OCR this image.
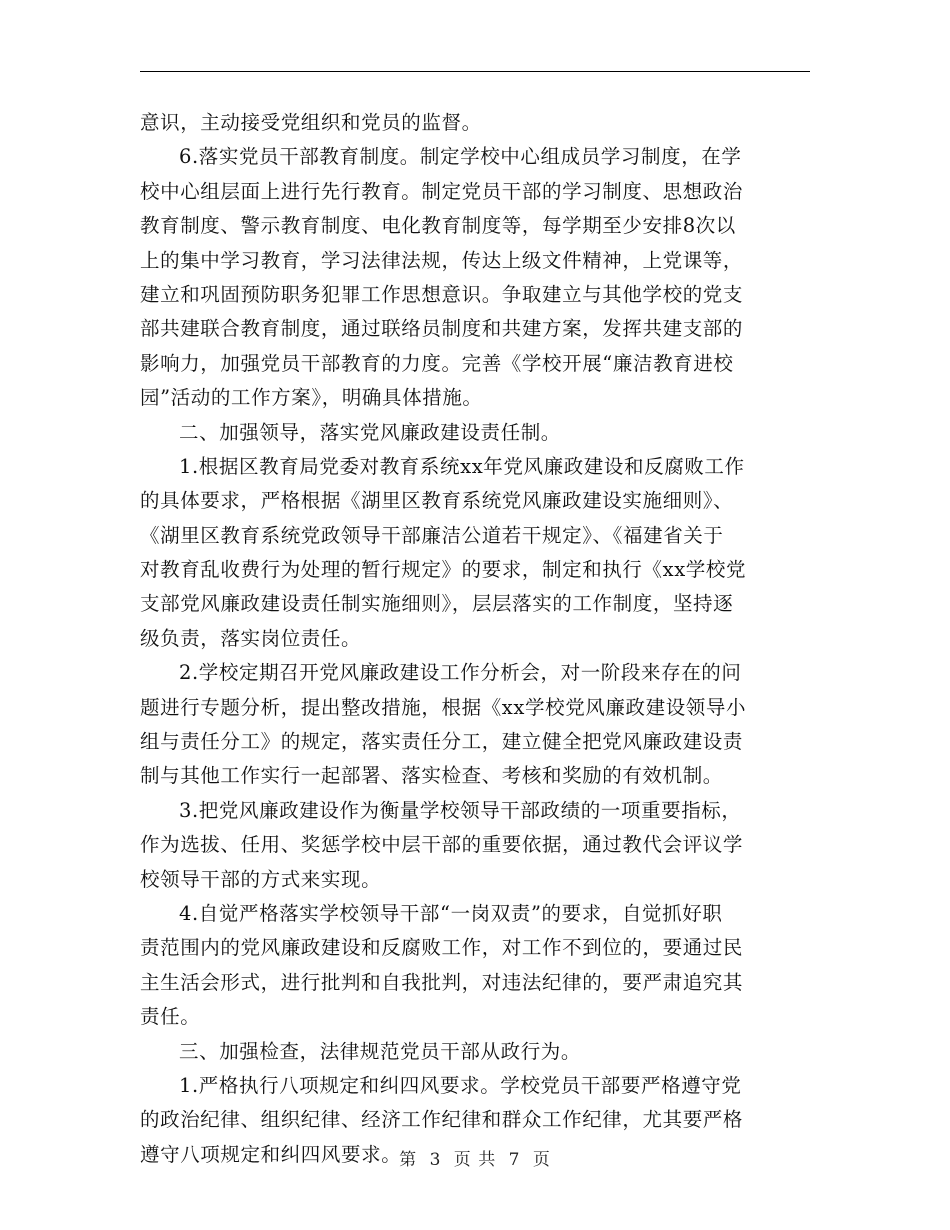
意识，主动接受党组织和党员的监督。
6.落实党员干部教育制度。制定学校中心组成员学习制度，在学
校中心组层面上进行先行教育。制定党员干部的学习制度、思想政治
教育制度、警示教育制度、电化教育制度等，每学期至少安排8次以
上的集中学习教育，学习法律法规，传达上级文件精神，上党课等，
建立和巩固预防职务犯罪工作思想意识。争取建立与其他学校的党支
部共建联合教育制度，通过联络员制度和共建方案，发挥共建支部的
影响力，加强党员干部教育的力度。完善《学校开展“廉洁教育进校
园”活动的工作方案》，明确具体措施。
二、加强领导，落实党风廉政建设责任制。
1.根据区教育局党委对教育系统xx年党风廉政建设和反腐败工作
的具体要求，严格根据《湖里区教育系统党风廉政建设实施细则》、
《湖里区教育系统党政领导干部廉洁公道若干规定》、《福建省关于
对教育乱收费行为处理的暂行规定》的要求，制定和执行《xx学校党
支部党风廉政建设责任制实施细则》，层层落实的工作制度，坚持逐
级负责，落实岗位责任。
2.学校定期召开党风廉政建设工作分析会，对一阶段来存在的问
题进行专题分析，提出整改措施，根据《xx学校党风廉政建设领导小
组与责任分工》的规定，落实责任分工，建立健全把党风廉政建设责
制与其他工作实行一起部署、落实检查、考核和奖励的有效机制。
3.把党风廉政建设作为衡量学校领导干部政绩的一项重要指标，
作为选拔、任用、奖惩学校中层干部的重要依据，通过教代会评议学
校领导干部的方式来实现。
4.自觉严格落实学校领导干部“一岗双责”的要求，自觉抓好职
责范围内的党风廉政建设和反腐败工作，对工作不到位的，要通过民
主生活会形式，进行批判和自我批判，对违法纪律的，要严肃追究其
责任。
三、加强检查，法律规范党员干部从政行为。
1.严格执行八项规定和纠四风要求。学校党员干部要严格遵守党
的政治纪律、组织纪律、经济工作纪律和群众工作纪律，尤其要严格
遵守八项规定和纠四风要求。
第 3 页 共 7 页
